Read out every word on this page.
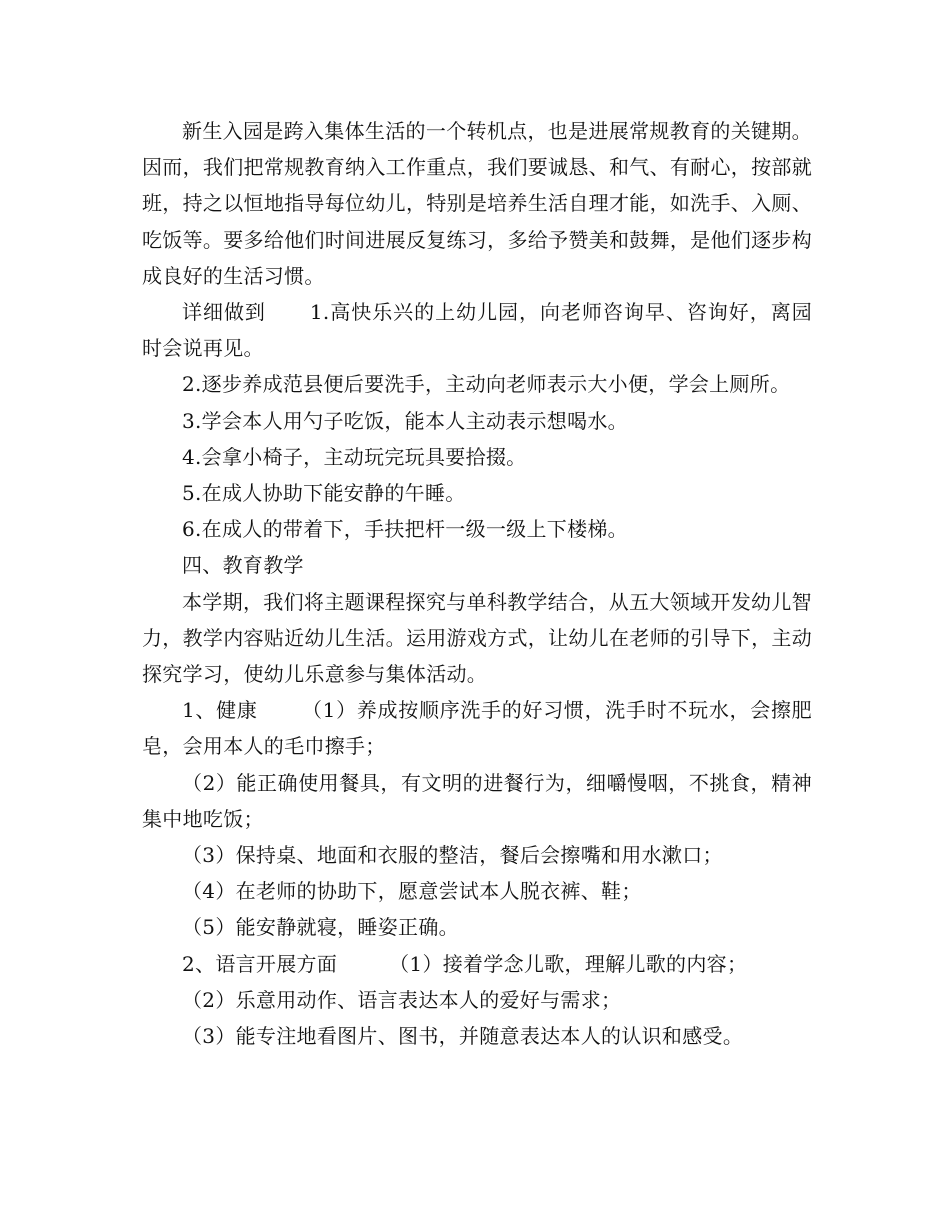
新生入园是跨入集体生活的一个转机点，也是进展常规教育的关键期。因而，我们把常规教育纳入工作重点，我们要诚恳、和气、有耐心，按部就班，持之以恒地指导每位幼儿，特别是培养生活自理才能，如洗手、入厕、吃饭等。要多给他们时间进展反复练习，多给予赞美和鼓舞，是他们逐步构成良好的生活习惯。

详细做到 1.高快乐兴的上幼儿园，向老师咨询早、咨询好，离园时会说再见。

2.逐步养成范县便后要洗手，主动向老师表示大小便，学会上厕所。

3.学会本人用勺子吃饭，能本人主动表示想喝水。

4.会拿小椅子，主动玩完玩具要拾掇。

5.在成人协助下能安静的午睡。

6.在成人的带着下，手扶把杆一级一级上下楼梯。

四、教育教学

本学期，我们将主题课程探究与单科教学结合，从五大领域开发幼儿智力，教学内容贴近幼儿生活。运用游戏方式，让幼儿在老师的引导下，主动探究学习，使幼儿乐意参与集体活动。

1、健康 （1）养成按顺序洗手的好习惯，洗手时不玩水，会擦肥皂，会用本人的毛巾擦手；

（2）能正确使用餐具，有文明的进餐行为，细嚼慢咽，不挑食，精神集中地吃饭；

（3）保持桌、地面和衣服的整洁，餐后会擦嘴和用水漱口；

（4）在老师的协助下，愿意尝试本人脱衣裤、鞋；

（5）能安静就寝，睡姿正确。

2、语言开展方面	（1）接着学念儿歌，理解儿歌的内容；

（2）乐意用动作、语言表达本人的爱好与需求；

（3）能专注地看图片、图书，并随意表达本人的认识和感受。
